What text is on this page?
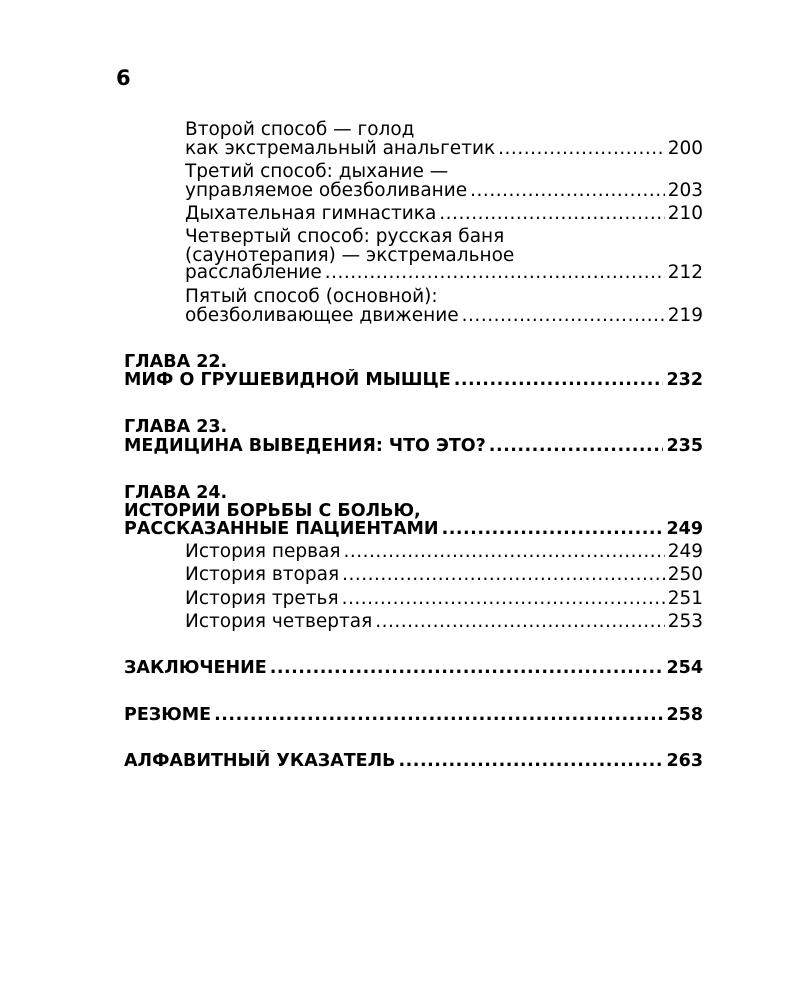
6
Второй способ — голод
как экстремальный анальгетик .....	200
Третий способ: дыхание —
управляемое обезболивание .....	203
Дыхательная гимнастика .....	210
Четвертый способ: русская баня
(саунотерапия) — экстремальное
расслабление .....	212
Пятый способ (основной):
обезболивающее движение .....	219
ГЛАВА 22.
МИФ О ГРУШЕВИДНОЙ МЫШЦЕ .....	232
ГЛАВА 23.
МЕДИЦИНА ВЫВЕДЕНИЯ: ЧТО ЭТО? .....	235
ГЛАВА 24.
ИСТОРИИ БОРЬБЫ С БОЛЬЮ,
РАССКАЗАННЫЕ ПАЦИЕНТАМИ .....	249
История первая .....	249
История вторая .....	250
История третья .....	251
История четвертая .....	253
ЗАКЛЮЧЕНИЕ .....	254
РЕЗЮМЕ .....	258
АЛФАВИТНЫЙ УКАЗАТЕЛЬ .....	263
